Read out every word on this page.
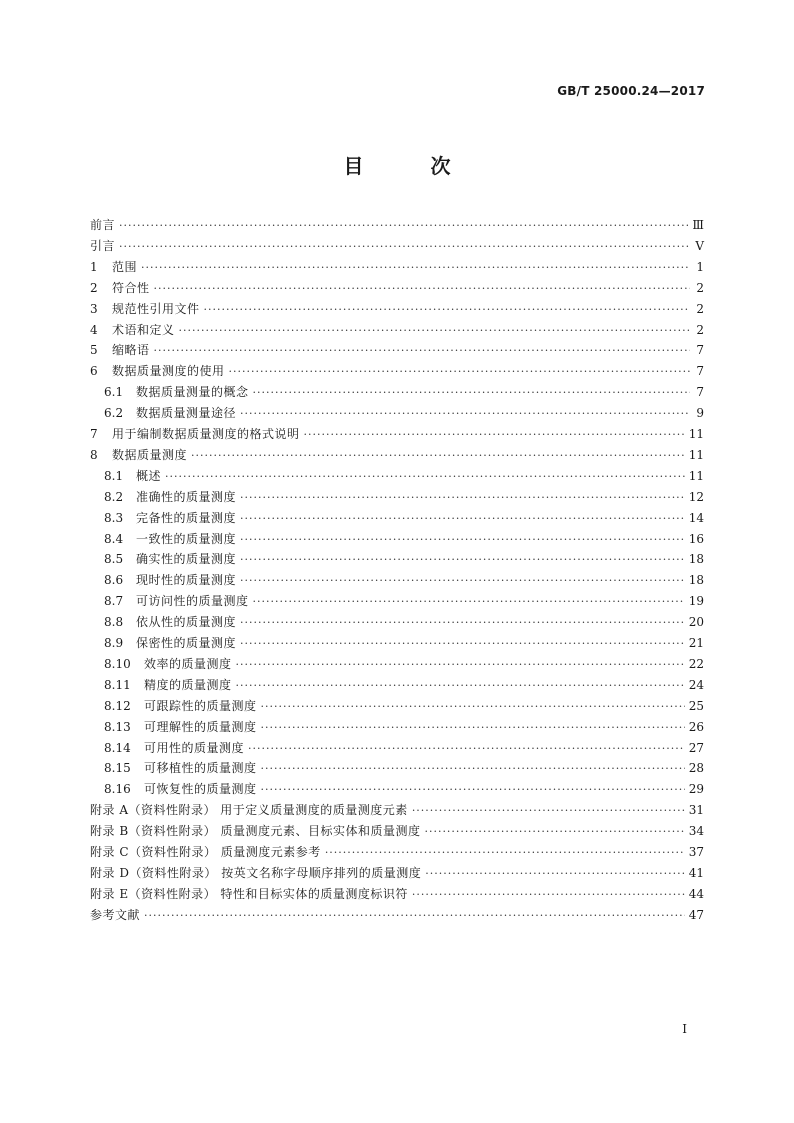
GB/T 25000.24—2017
目 次
前言 ·····	Ⅲ
引言 ·····	Ⅴ
1	范围 ·····	1
2	符合性 ·····	2
3	规范性引用文件 ·····	2
4	术语和定义 ·····	2
5	缩略语 ·····	7
6	数据质量测度的使用 ·····	7
6.1	数据质量测量的概念 ·····	7
6.2	数据质量测量途径 ·····	9
7	用于编制数据质量测度的格式说明 ·····	11
8	数据质量测度 ·····	11
8.1	概述 ·····	11
8.2	准确性的质量测度 ·····	12
8.3	完备性的质量测度 ·····	14
8.4	一致性的质量测度 ·····	16
8.5	确实性的质量测度 ·····	18
8.6	现时性的质量测度 ·····	18
8.7	可访问性的质量测度 ·····	19
8.8	依从性的质量测度 ·····	20
8.9	保密性的质量测度 ·····	21
8.10	效率的质量测度 ·····	22
8.11	精度的质量测度 ·····	24
8.12	可跟踪性的质量测度 ·····	25
8.13	可理解性的质量测度 ·····	26
8.14	可用性的质量测度 ·····	27
8.15	可移植性的质量测度 ·····	28
8.16	可恢复性的质量测度 ·····	29
附录 A（资料性附录） 用于定义质量测度的质量测度元素 ·····	31
附录 B（资料性附录） 质量测度元素、目标实体和质量测度 ·····	34
附录 C（资料性附录） 质量测度元素参考 ·····	37
附录 D（资料性附录） 按英文名称字母顺序排列的质量测度 ·····	41
附录 E（资料性附录） 特性和目标实体的质量测度标识符 ·····	44
参考文献 ·····	47
I
